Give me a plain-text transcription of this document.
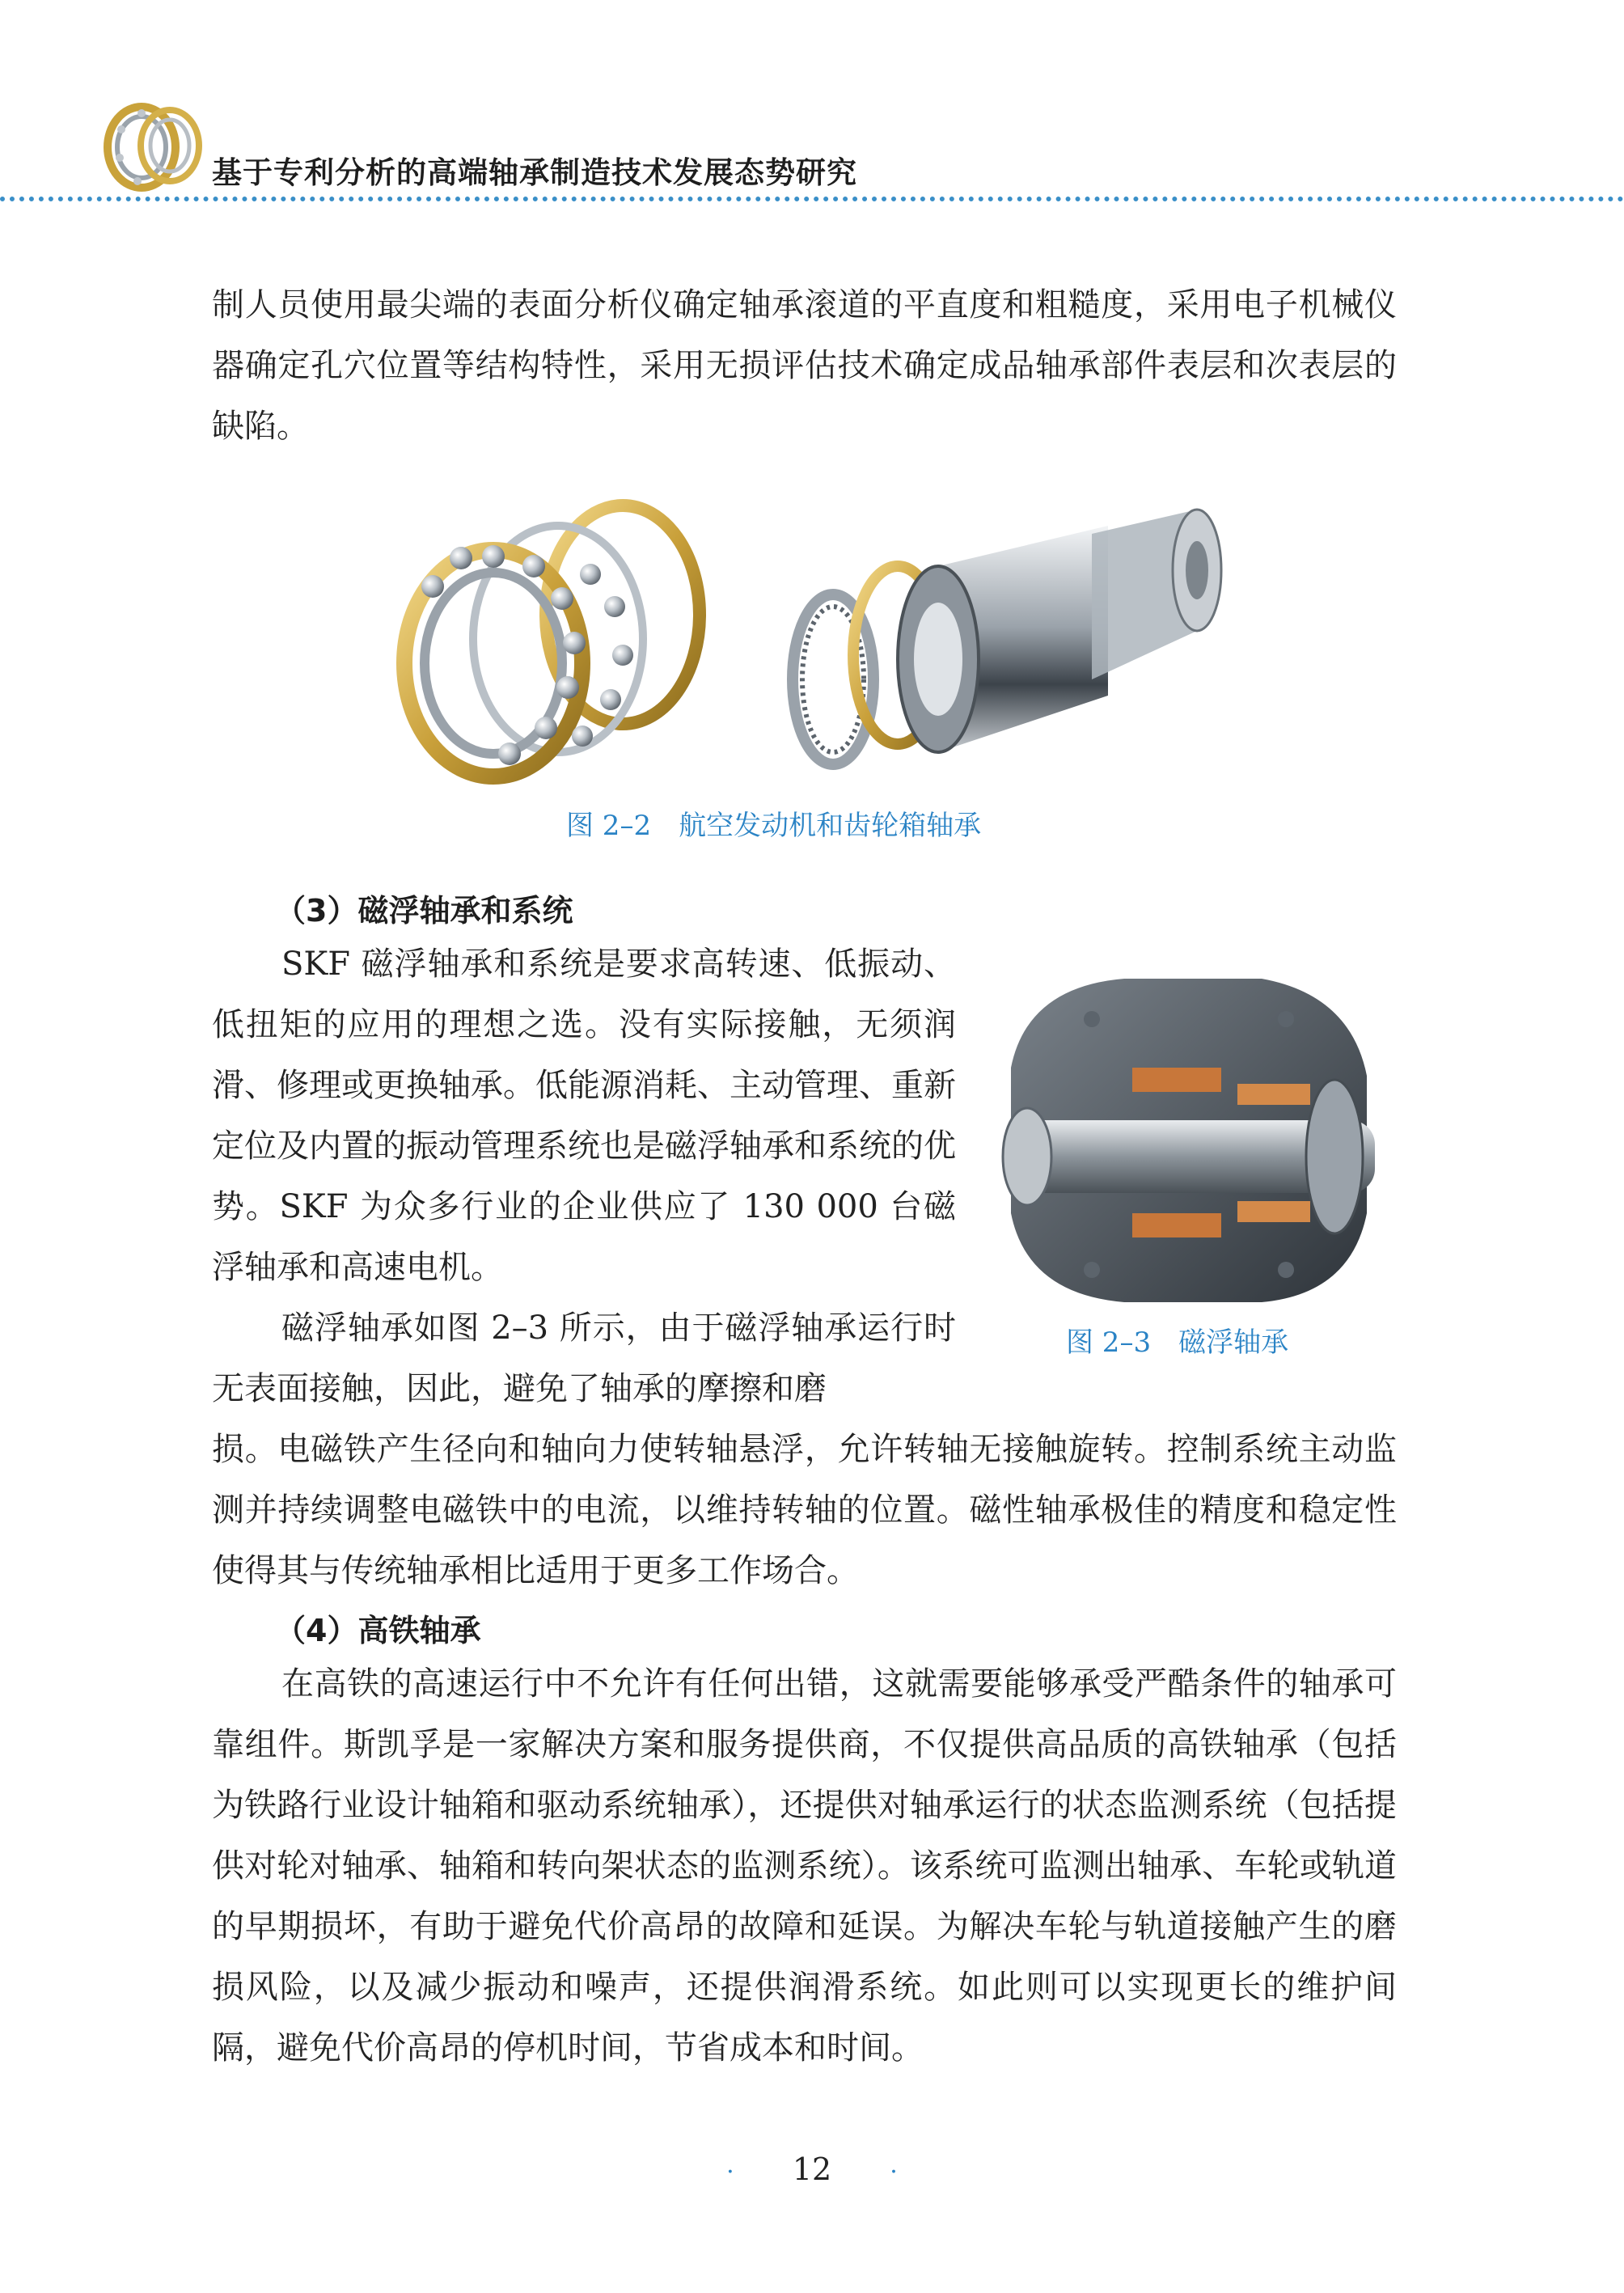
基于专利分析的高端轴承制造技术发展态势研究

制人员使用最尖端的表面分析仪确定轴承滚道的平直度和粗糙度，采用电子机械仪器确定孔穴位置等结构特性，采用无损评估技术确定成品轴承部件表层和次表层的缺陷。

图 2–2　航空发动机和齿轮箱轴承

（3）磁浮轴承和系统

SKF 磁浮轴承和系统是要求高转速、低振动、低扭矩的应用的理想之选。没有实际接触，无须润滑、修理或更换轴承。低能源消耗、主动管理、重新定位及内置的振动管理系统也是磁浮轴承和系统的优势。SKF 为众多行业的企业供应了 130 000 台磁浮轴承和高速电机。

磁浮轴承如图 2–3 所示，由于磁浮轴承运行时无表面接触，因此，避免了轴承的摩擦和磨

损。电磁铁产生径向和轴向力使转轴悬浮，允许转轴无接触旋转。控制系统主动监测并持续调整电磁铁中的电流，以维持转轴的位置。磁性轴承极佳的精度和稳定性使得其与传统轴承相比适用于更多工作场合。

图 2–3　磁浮轴承

（4）高铁轴承

在高铁的高速运行中不允许有任何出错，这就需要能够承受严酷条件的轴承可靠组件。斯凯孚是一家解决方案和服务提供商，不仅提供高品质的高铁轴承（包括为铁路行业设计轴箱和驱动系统轴承），还提供对轴承运行的状态监测系统（包括提供对轮对轴承、轴箱和转向架状态的监测系统）。该系统可监测出轴承、车轮或轨道的早期损坏，有助于避免代价高昂的故障和延误。为解决车轮与轨道接触产生的磨损风险，以及减少振动和噪声，还提供润滑系统。如此则可以实现更长的维护间隔，避免代价高昂的停机时间，节省成本和时间。

· 12 ·
